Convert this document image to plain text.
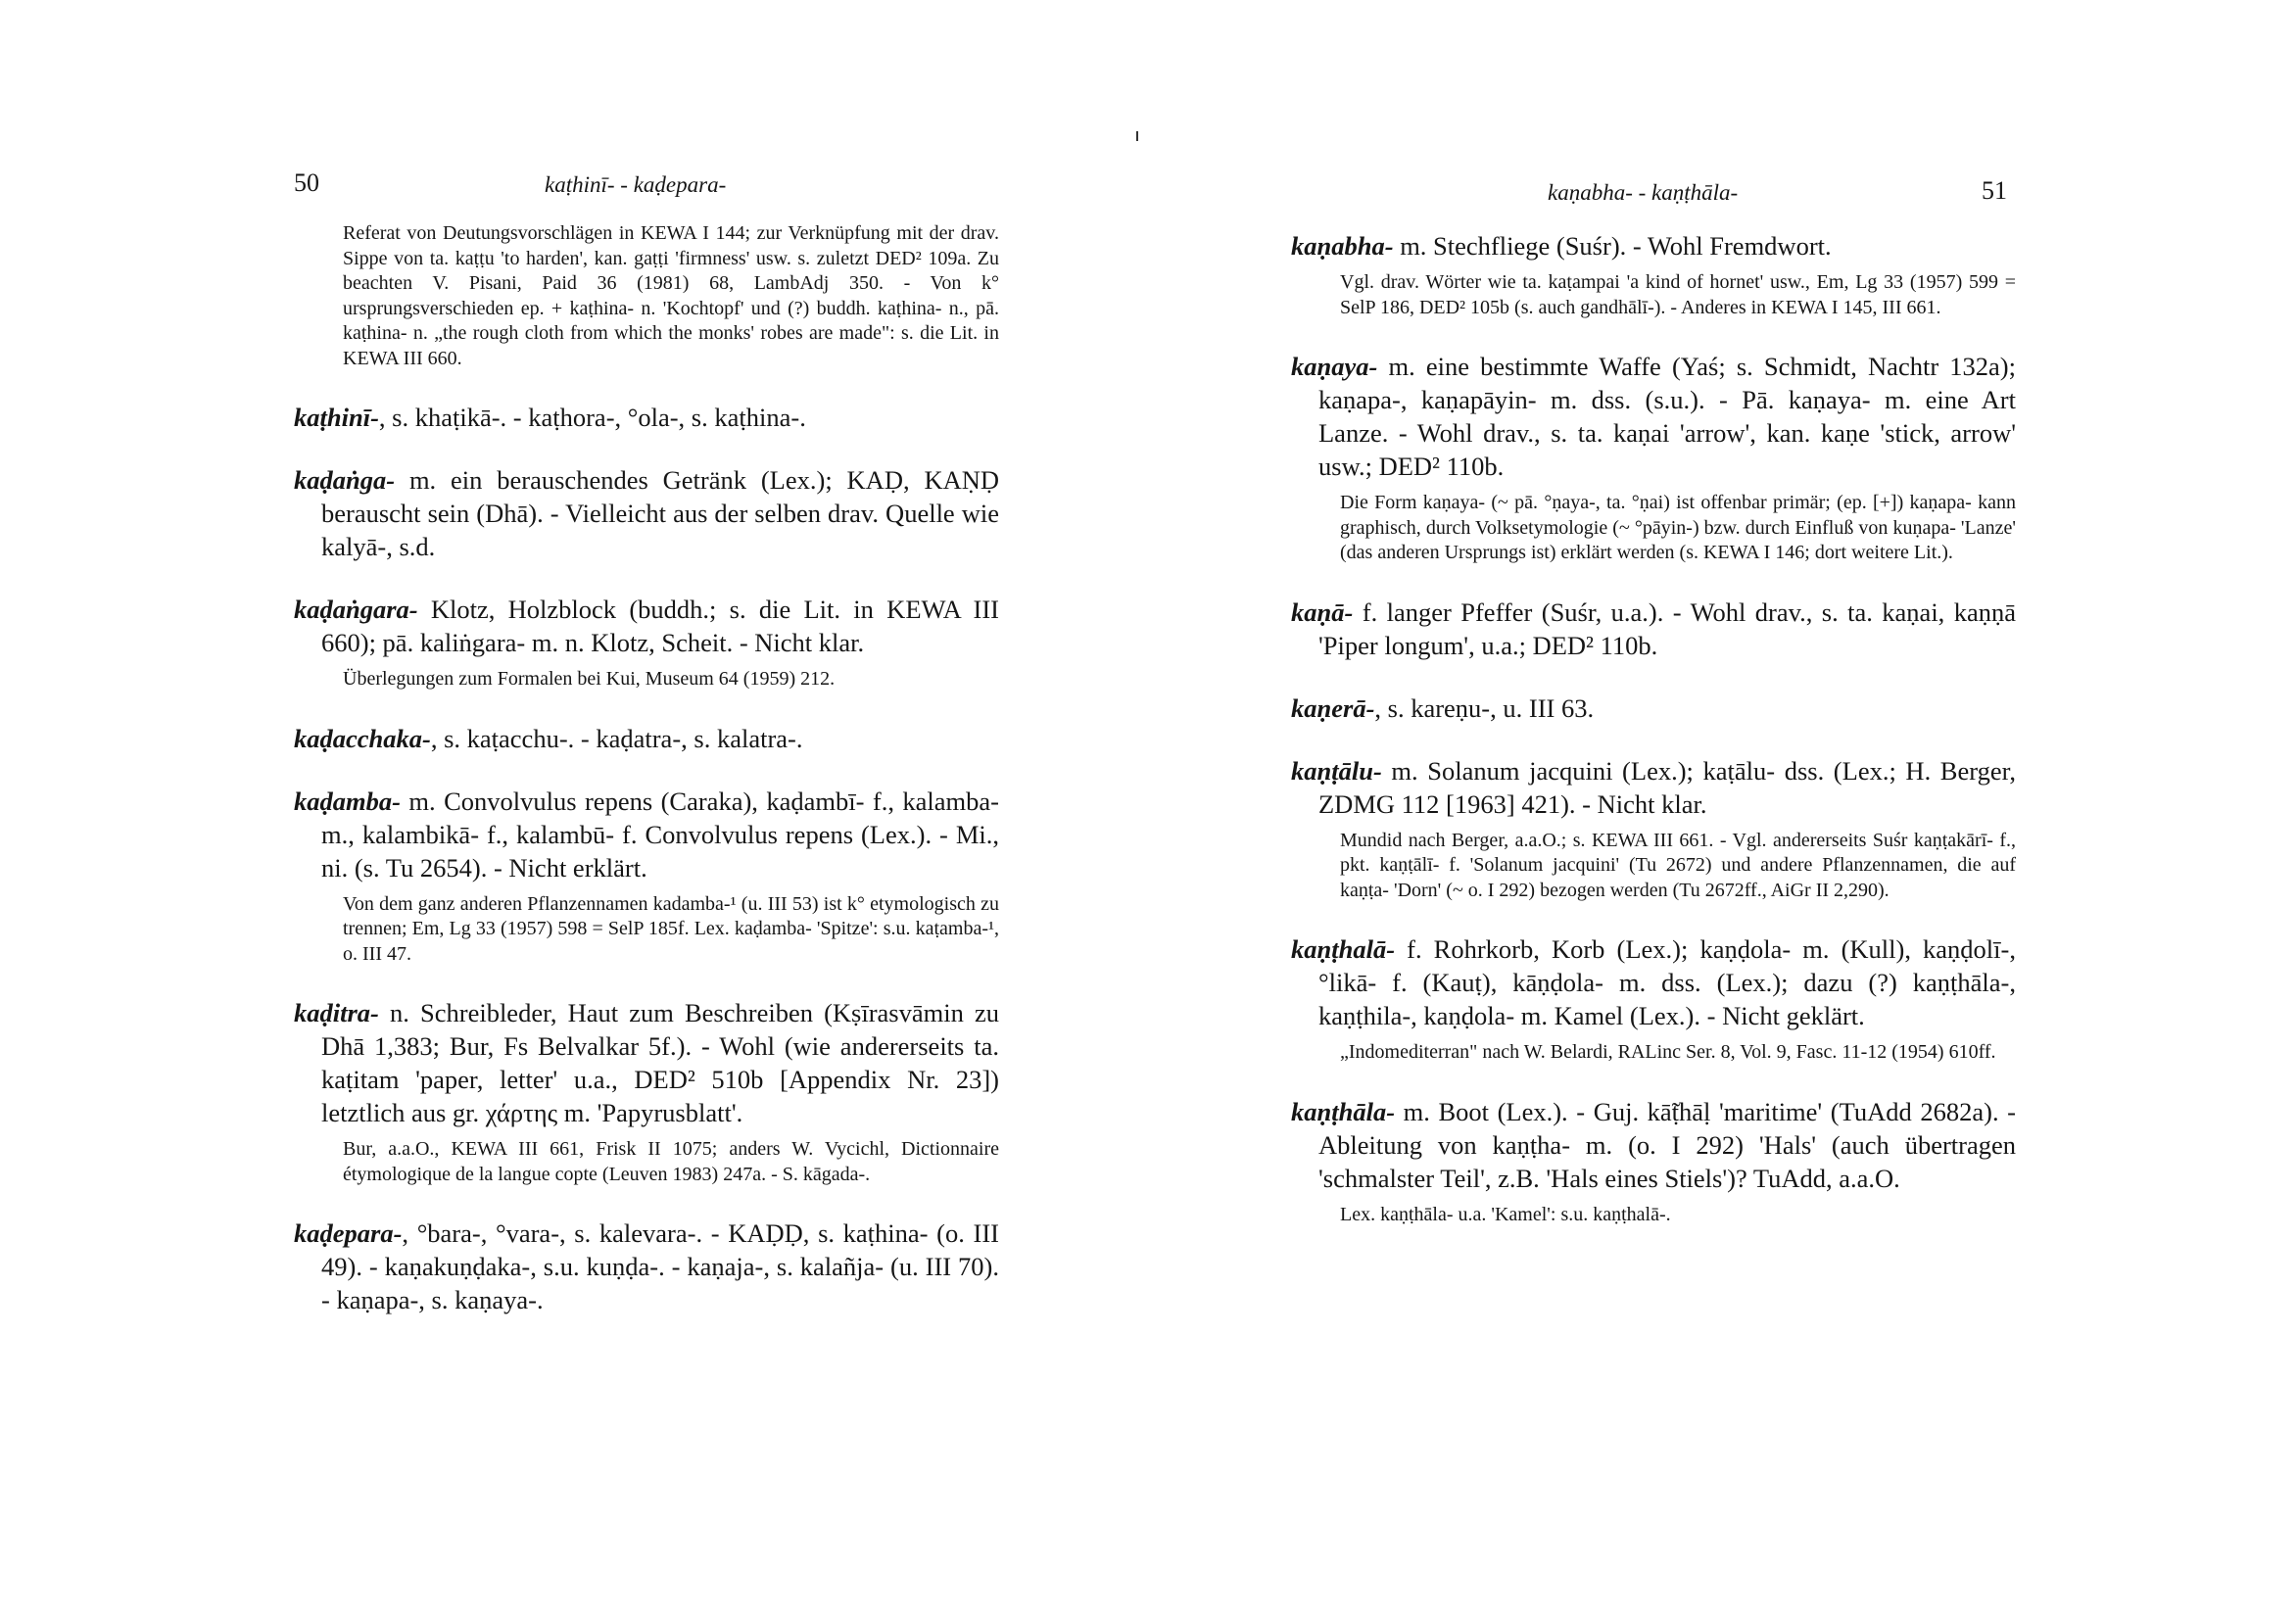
50	kaṭhinī- - kaḍepara-

Referat von Deutungsvorschlägen in KEWA I 144; zur Verknüpfung mit der drav. Sippe von ta. kaṭṭu 'to harden', kan. gaṭṭi 'firmness' usw. s. zuletzt DED² 109a. Zu beachten V. Pisani, Paid 36 (1981) 68, LambAdj 350. - Von k° ursprungsverschieden ep. + kaṭhina- n. 'Kochtopf' und (?) buddh. kaṭhina- n., pā. kaṭhina- n. „the rough cloth from which the monks' robes are made": s. die Lit. in KEWA III 660.

kaṭhinī-, s. khaṭikā-. - kaṭhora-, °ola-, s. kaṭhina-.

kaḍaṅga- m. ein berauschendes Getränk (Lex.); KAḌ, KAṆḌ berauscht sein (Dhā). - Vielleicht aus der selben drav. Quelle wie kalyā-, s.d.

kaḍaṅgara- Klotz, Holzblock (buddh.; s. die Lit. in KEWA III 660); pā. kaliṅgara- m. n. Klotz, Scheit. - Nicht klar.

Überlegungen zum Formalen bei Kui, Museum 64 (1959) 212.

kaḍacchaka-, s. kaṭacchu-. - kaḍatra-, s. kalatra-.

kaḍamba- m. Convolvulus repens (Caraka), kaḍambī- f., kalamba- m., kalambikā- f., kalambū- f. Convolvulus repens (Lex.). - Mi., ni. (s. Tu 2654). - Nicht erklärt.

Von dem ganz anderen Pflanzennamen kadamba-¹ (u. III 53) ist k° etymologisch zu trennen; Em, Lg 33 (1957) 598 = SelP 185f. Lex. kaḍamba- 'Spitze': s.u. kaṭamba-¹, o. III 47.

kaḍitra- n. Schreibleder, Haut zum Beschreiben (Kṣīrasvāmin zu Dhā 1,383; Bur, Fs Belvalkar 5f.). - Wohl (wie andererseits ta. kaṭitam 'paper, letter' u.a., DED² 510b [Appendix Nr. 23]) letztlich aus gr. χάρτης m. 'Papyrusblatt'.

Bur, a.a.O., KEWA III 661, Frisk II 1075; anders W. Vycichl, Dictionnaire étymologique de la langue copte (Leuven 1983) 247a. - S. kāgada-.

kaḍepara-, °bara-, °vara-, s. kalevara-. - KAḌḌ, s. kaṭhina- (o. III 49). - kaṇakuṇḍaka-, s.u. kuṇḍa-. - kaṇaja-, s. kalañja- (u. III 70). - kaṇapa-, s. kaṇaya-.

kaṇabha- - kaṇṭhāla-	51

kaṇabha- m. Stechfliege (Suśr). - Wohl Fremdwort.

Vgl. drav. Wörter wie ta. kaṭampai 'a kind of hornet' usw., Em, Lg 33 (1957) 599 = SelP 186, DED² 105b (s. auch gandhālī-). - Anderes in KEWA I 145, III 661.

kaṇaya- m. eine bestimmte Waffe (Yaś; s. Schmidt, Nachtr 132a); kaṇapa-, kaṇapāyin- m. dss. (s.u.). - Pā. kaṇaya- m. eine Art Lanze. - Wohl drav., s. ta. kaṇai 'arrow', kan. kaṇe 'stick, arrow' usw.; DED² 110b.

Die Form kaṇaya- (~ pā. °ṇaya-, ta. °ṇai) ist offenbar primär; (ep. [+]) kaṇapa- kann graphisch, durch Volksetymologie (~ °pāyin-) bzw. durch Einfluß von kuṇapa- 'Lanze' (das anderen Ursprungs ist) erklärt werden (s. KEWA I 146; dort weitere Lit.).

kaṇā- f. langer Pfeffer (Suśr, u.a.). - Wohl drav., s. ta. kaṇai, kaṇṇā 'Piper longum', u.a.; DED² 110b.

kaṇerā-, s. kareṇu-, u. III 63.

kaṇṭālu- m. Solanum jacquini (Lex.); kaṭālu- dss. (Lex.; H. Berger, ZDMG 112 [1963] 421). - Nicht klar.

Mundid nach Berger, a.a.O.; s. KEWA III 661. - Vgl. andererseits Suśr kaṇṭakārī- f., pkt. kaṇṭālī- f. 'Solanum jacquini' (Tu 2672) und andere Pflanzennamen, die auf kaṇṭa- 'Dorn' (~ o. I 292) bezogen werden (Tu 2672ff., AiGr II 2,290).

kaṇṭhalā- f. Rohrkorb, Korb (Lex.); kaṇḍola- m. (Kull), kaṇḍolī-, °likā- f. (Kauṭ), kāṇḍola- m. dss. (Lex.); dazu (?) kaṇṭhāla-, kaṇṭhila-, kaṇḍola- m. Kamel (Lex.). - Nicht geklärt.

„Indomediterran" nach W. Belardi, RALinc Ser. 8, Vol. 9, Fasc. 11-12 (1954) 610ff.

kaṇṭhāla- m. Boot (Lex.). - Guj. kā̃ṭhāḷ 'maritime' (TuAdd 2682a). - Ableitung von kaṇṭha- m. (o. I 292) 'Hals' (auch übertragen 'schmalster Teil', z.B. 'Hals eines Stiels')? TuAdd, a.a.O.

Lex. kaṇṭhāla- u.a. 'Kamel': s.u. kaṇṭhalā-.
